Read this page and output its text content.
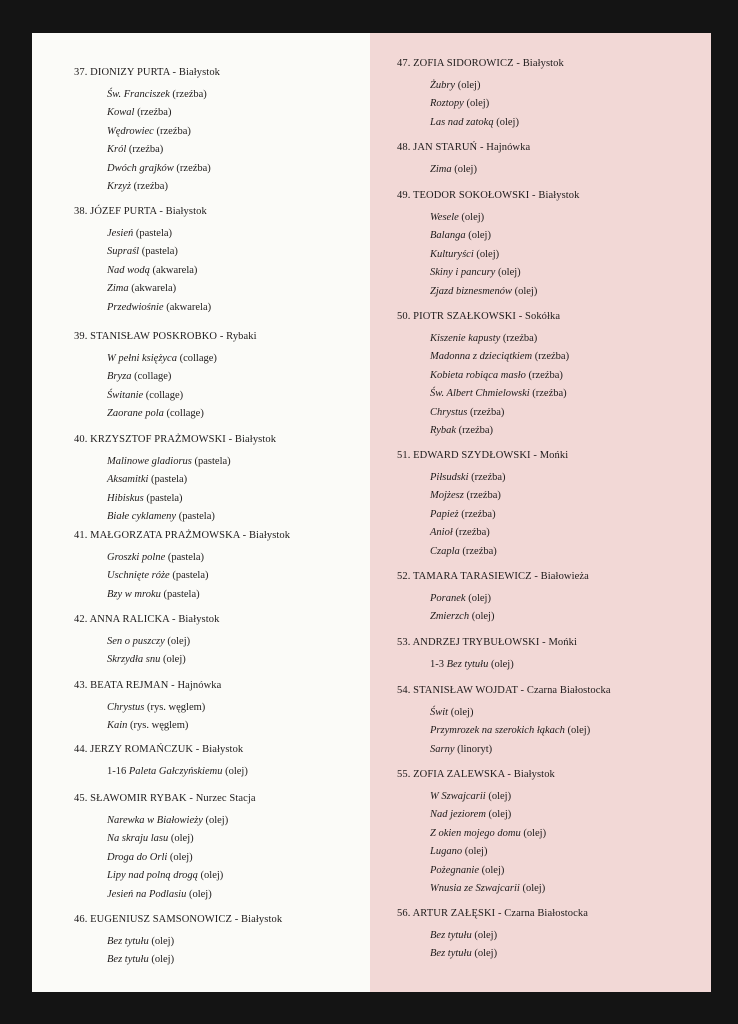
37. DIONIZY PURTA - Białystok
Św. Franciszek (rzeźba)
Kowal (rzeźba)
Wędrowiec (rzeźba)
Król (rzeźba)
Dwóch grajków (rzeźba)
Krzyż (rzeźba)
38. JÓZEF PURTA - Białystok
Jesień (pastela)
Supraśl (pastela)
Nad wodą (akwarela)
Zima (akwarela)
Przedwiośnie (akwarela)
39. STANISŁAW POSKROBKO - Rybaki
W pełni księżyca (collage)
Bryza (collage)
Świtanie (collage)
Zaorane pola (collage)
40. KRZYSZTOF PRAŻMOWSKI - Białystok
Malinowe gladiorus (pastela)
Aksamitki (pastela)
Hibiskus (pastela)
Białe cyklameny (pastela)
41. MAŁGORZATA PRAŻMOWSKA - Białystok
Groszki polne (pastela)
Uschnięte róże (pastela)
Bzy w mroku (pastela)
42. ANNA RALICKA - Białystok
Sen o puszczy (olej)
Skrzydła snu (olej)
43. BEATA REJMAN - Hajnówka
Chrystus (rys. węglem)
Kain (rys. węglem)
44. JERZY ROMAŃCZUK - Białystok
1-16 Paleta Gałczyńskiemu (olej)
45. SŁAWOMIR RYBAK - Nurzec Stacja
Narewka w Białowieży (olej)
Na skraju lasu (olej)
Droga do Orli (olej)
Lipy nad polną drogą (olej)
Jesień na Podlasiu (olej)
46. EUGENIUSZ SAMSONOWICZ - Białystok
Bez tytułu (olej)
Bez tytułu (olej)
47. ZOFIA SIDOROWICZ - Białystok
Żubry (olej)
Roztopy (olej)
Las nad zatoką (olej)
48. JAN STARUŃ - Hajnówka
Zima (olej)
49. TEODOR SOKOŁOWSKI - Białystok
Wesele (olej)
Balanga (olej)
Kulturyści (olej)
Skiny i pancury (olej)
Zjazd biznesmenów (olej)
50. PIOTR SZAŁKOWSKI - Sokółka
Kiszenie kapusty (rzeźba)
Madonna z dzieciątkiem (rzeźba)
Kobieta robiąca masło (rzeźba)
Św. Albert Chmielowski (rzeźba)
Chrystus (rzeźba)
Rybak (rzeźba)
51. EDWARD SZYDŁOWSKI - Mońki
Piłsudski (rzeźba)
Mojżesz (rzeźba)
Papież (rzeźba)
Anioł (rzeźba)
Czapla (rzeźba)
52. TAMARA TARASIEWICZ - Białowieża
Poranek (olej)
Zmierzch (olej)
53. ANDRZEJ TRYBUŁOWSKI - Mońki
1-3 Bez tytułu (olej)
54. STANISŁAW WOJDAT - Czarna Białostocka
Świt (olej)
Przymrozek na szerokich łąkach (olej)
Sarny (linoryt)
55. ZOFIA ZALEWSKA - Białystok
W Szwajcarii (olej)
Nad jeziorem (olej)
Z okien mojego domu (olej)
Lugano (olej)
Pożegnanie (olej)
Wnusia ze Szwajcarii (olej)
56. ARTUR ZAŁĘSKI - Czarna Białostocka
Bez tytułu (olej)
Bez tytułu (olej)
